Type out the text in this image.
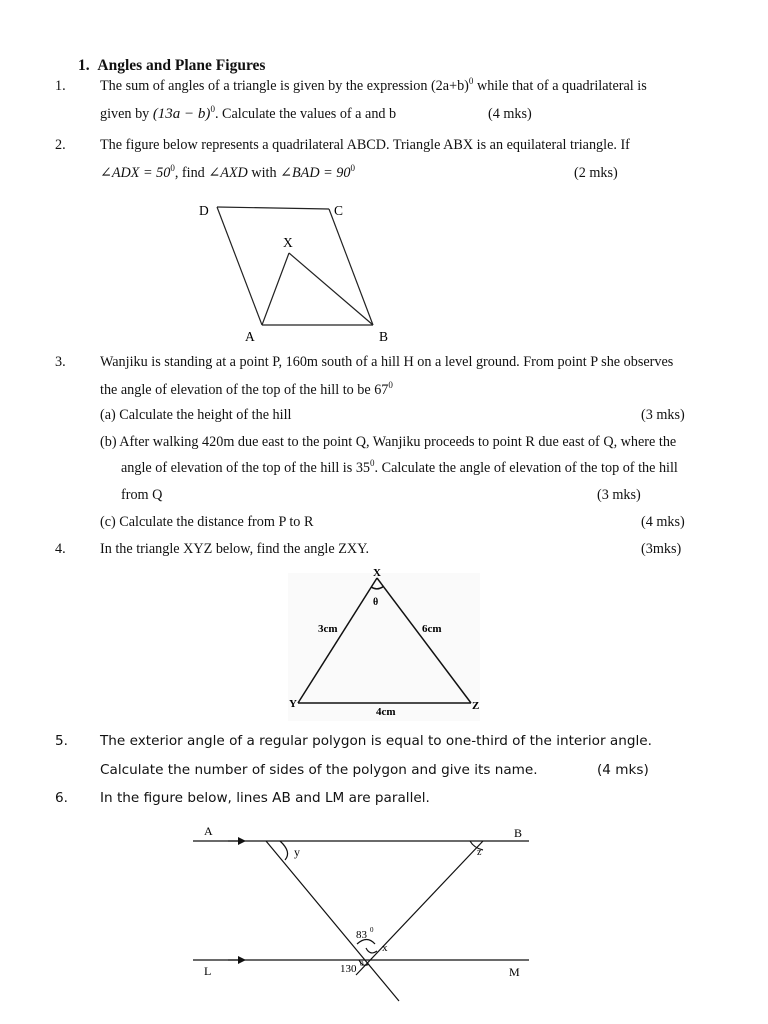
1. Angles and Plane Figures
1. The sum of angles of a triangle is given by the expression $(2a+b)^0$ while that of a quadrilateral is
given by $(13a - b)^0$. Calculate the values of a and b	(4 mks)
2. The figure below represents a quadrilateral ABCD. Triangle ABX is an equilateral triangle. If
∠ADX = $50^0$, find ∠AXD with ∠BAD = $90^0$	(2 mks)
D	C
X
A	B
3. Wanjiku is standing at a point P, 160m south of a hill H on a level ground. From point P she observes
the angle of elevation of the top of the hill to be $67^0$
(a) Calculate the height of the hill	(3 mks)
(b) After walking 420m due east to the point Q, Wanjiku proceeds to point R due east of Q, where the
angle of elevation of the top of the hill is $35^0$. Calculate the angle of elevation of the top of the hill
from Q	(3 mks)
(c) Calculate the distance from P to R	(4 mks)
4. In the triangle XYZ below, find the angle ZXY.	(3mks)
X
θ
3cm	6cm
Y	Z
4cm
5. The exterior angle of a regular polygon is equal to one-third of the interior angle.
Calculate the number of sides of the polygon and give its name.	(4 mks)
6. In the figure below, lines AB and LM are parallel.
A	B
L	M
y	z
x
83 0
130 0
